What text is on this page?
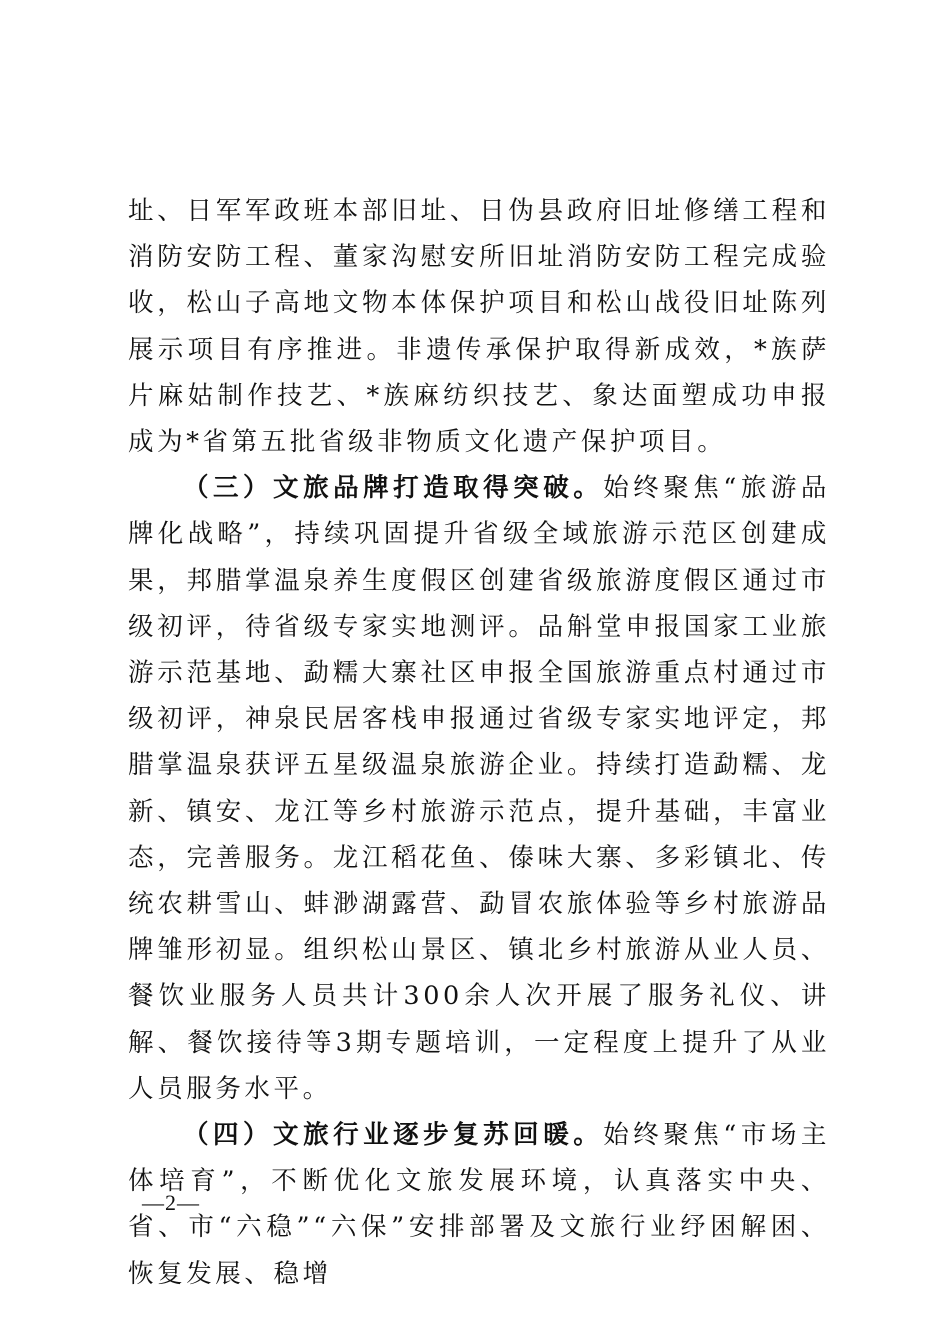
址、日军军政班本部旧址、日伪县政府旧址修缮工程和消防安防工程、董家沟慰安所旧址消防安防工程完成验收，松山子高地文物本体保护项目和松山战役旧址陈列展示项目有序推进。非遗传承保护取得新成效，*族萨片麻姑制作技艺、*族麻纺织技艺、象达面塑成功申报成为*省第五批省级非物质文化遗产保护项目。

（三）文旅品牌打造取得突破。始终聚焦“旅游品牌化战略”，持续巩固提升省级全域旅游示范区创建成果，邦腊掌温泉养生度假区创建省级旅游度假区通过市级初评，待省级专家实地测评。品斛堂申报国家工业旅游示范基地、勐糯大寨社区申报全国旅游重点村通过市级初评，神泉民居客栈申报通过省级专家实地评定，邦腊掌温泉获评五星级温泉旅游企业。持续打造勐糯、龙新、镇安、龙江等乡村旅游示范点，提升基础，丰富业态，完善服务。龙江稻花鱼、傣味大寨、多彩镇北、传统农耕雪山、蚌渺湖露营、勐冒农旅体验等乡村旅游品牌雏形初显。组织松山景区、镇北乡村旅游从业人员、餐饮业服务人员共计300余人次开展了服务礼仪、讲解、餐饮接待等3期专题培训，一定程度上提升了从业人员服务水平。

（四）文旅行业逐步复苏回暖。始终聚焦“市场主体培育”，不断优化文旅发展环境，认真落实中央、省、市“六稳”“六保”安排部署及文旅行业纾困解困、恢复发展、稳增

—2—
